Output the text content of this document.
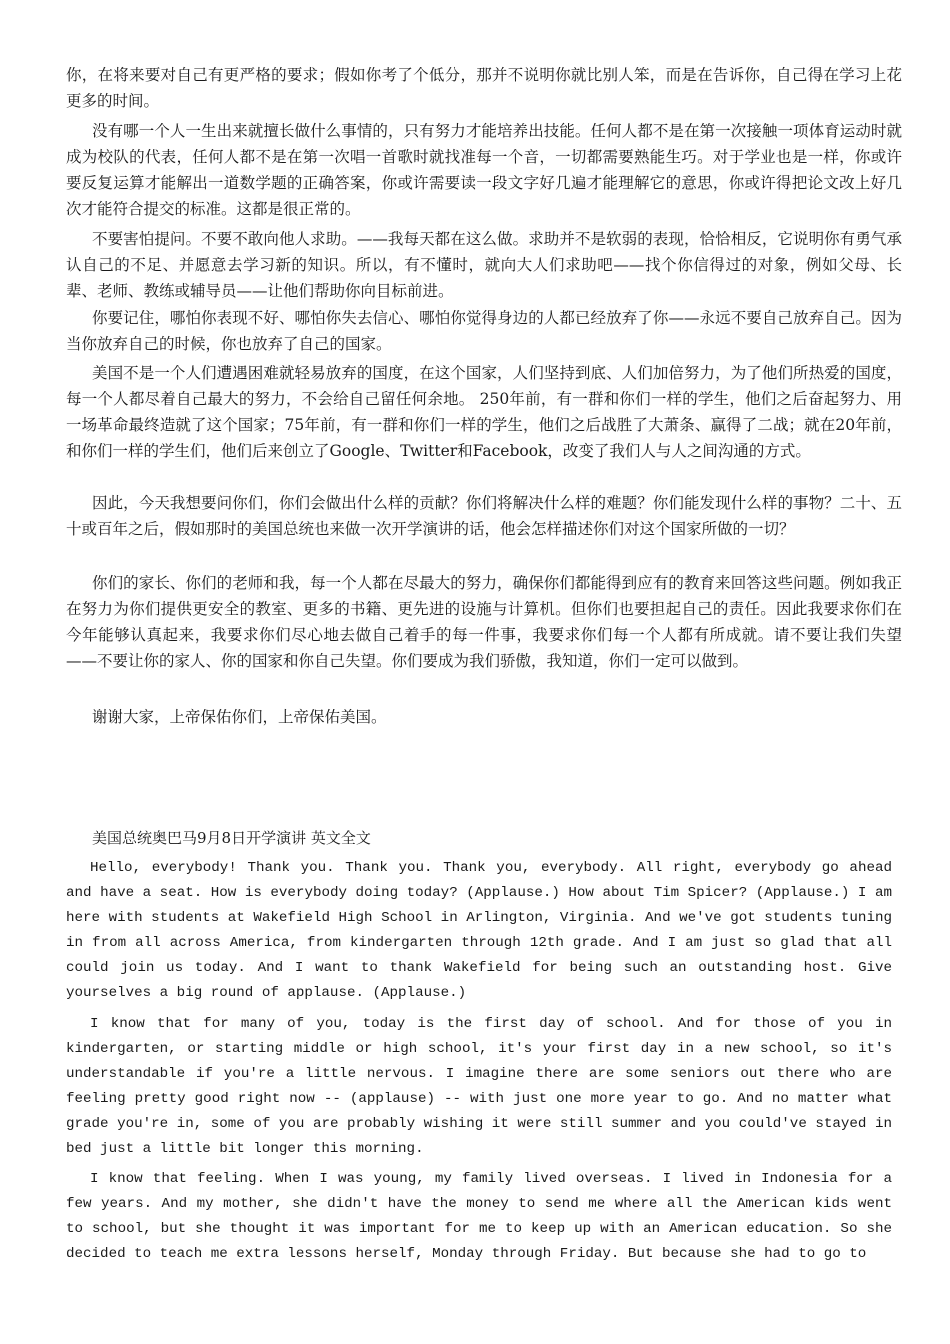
你，在将来要对自己有更严格的要求；假如你考了个低分，那并不说明你就比别人笨，而是在告诉你，自己得在学习上花更多的时间。

没有哪一个人一生出来就擅长做什么事情的，只有努力才能培养出技能。任何人都不是在第一次接触一项体育运动时就成为校队的代表，任何人都不是在第一次唱一首歌时就找准每一个音，一切都需要熟能生巧。对于学业也是一样，你或许要反复运算才能解出一道数学题的正确答案，你或许需要读一段文字好几遍才能理解它的意思，你或许得把论文改上好几次才能符合提交的标准。这都是很正常的。

不要害怕提问。不要不敢向他人求助。——我每天都在这么做。求助并不是软弱的表现，恰恰相反，它说明你有勇气承认自己的不足、并愿意去学习新的知识。所以，有不懂时，就向大人们求助吧——找个你信得过的对象，例如父母、长辈、老师、教练或辅导员——让他们帮助你向目标前进。

你要记住，哪怕你表现不好、哪怕你失去信心、哪怕你觉得身边的人都已经放弃了你——永远不要自己放弃自己。因为当你放弃自己的时候，你也放弃了自己的国家。

美国不是一个人们遭遇困难就轻易放弃的国度，在这个国家，人们坚持到底、人们加倍努力，为了他们所热爱的国度，每一个人都尽着自己最大的努力，不会给自己留任何余地。 250年前，有一群和你们一样的学生，他们之后奋起努力、用一场革命最终造就了这个国家；75年前，有一群和你们一样的学生，他们之后战胜了大萧条、赢得了二战；就在20年前，和你们一样的学生们，他们后来创立了Google、Twitter和Facebook，改变了我们人与人之间沟通的方式。

因此，今天我想要问你们，你们会做出什么样的贡献？你们将解决什么样的难题？你们能发现什么样的事物？二十、五十或百年之后，假如那时的美国总统也来做一次开学演讲的话，他会怎样描述你们对这个国家所做的一切？

你们的家长、你们的老师和我，每一个人都在尽最大的努力，确保你们都能得到应有的教育来回答这些问题。例如我正在努力为你们提供更安全的教室、更多的书籍、更先进的设施与计算机。但你们也要担起自己的责任。因此我要求你们在今年能够认真起来，我要求你们尽心地去做自己着手的每一件事，我要求你们每一个人都有所成就。请不要让我们失望——不要让你的家人、你的国家和你自己失望。你们要成为我们骄傲，我知道，你们一定可以做到。

谢谢大家，上帝保佑你们，上帝保佑美国。

美国总统奥巴马9月8日开学演讲 英文全文

Hello, everybody! Thank you. Thank you. Thank you, everybody. All right, everybody go ahead and have a seat. How is everybody doing today? (Applause.) How about Tim Spicer? (Applause.) I am here with students at Wakefield High School in Arlington, Virginia. And we've got students tuning in from all across America, from kindergarten through 12th grade. And I am just so glad that all could join us today. And I want to thank Wakefield for being such an outstanding host. Give yourselves a big round of applause. (Applause.)

I know that for many of you, today is the first day of school. And for those of you in kindergarten, or starting middle or high school, it's your first day in a new school, so it's understandable if you're a little nervous. I imagine there are some seniors out there who are feeling pretty good right now -- (applause) -- with just one more year to go. And no matter what grade you're in, some of you are probably wishing it were still summer and you could've stayed in bed just a little bit longer this morning.

I know that feeling. When I was young, my family lived overseas. I lived in Indonesia for a few years. And my mother, she didn't have the money to send me where all the American kids went to school, but she thought it was important for me to keep up with an American education. So she decided to teach me extra lessons herself, Monday through Friday. But because she had to go to
